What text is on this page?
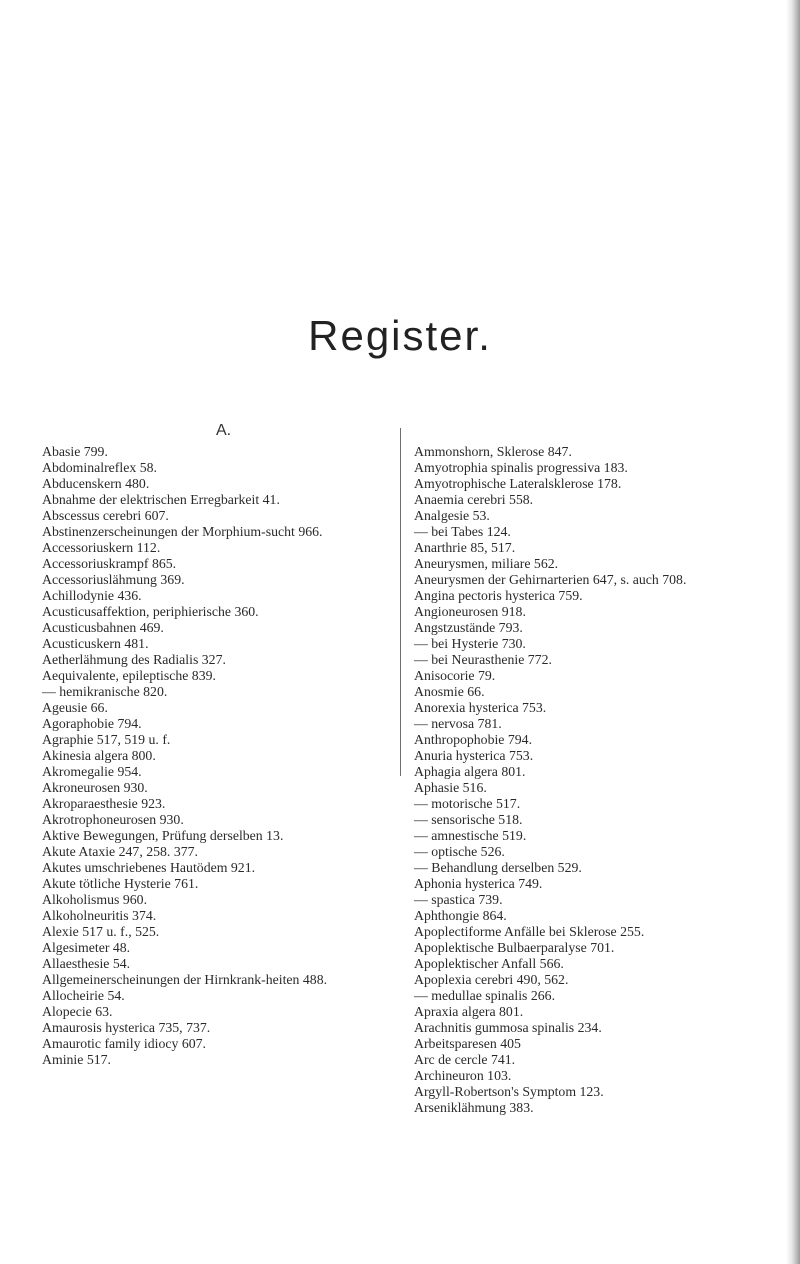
Register.
A.
Abasie 799.
Abdominalreflex 58.
Abducenskern 480.
Abnahme der elektrischen Erregbarkeit 41.
Abscessus cerebri 607.
Abstinenzerscheinungen der Morphium-sucht 966.
Accessoriuskern 112.
Accessoriuskrampf 865.
Accessoriuslähmung 369.
Achillodynie 436.
Acusticusaffektion, periphierische 360.
Acusticusbahnen 469.
Acusticuskern 481.
Aetherlähmung des Radialis 327.
Aequivalente, epileptische 839.
— hemikranische 820.
Ageusie 66.
Agoraphobie 794.
Agraphie 517, 519 u. f.
Akinesia algera 800.
Akromegalie 954.
Akroneurosen 930.
Akroparaesthesie 923.
Akrotrophoneurosen 930.
Aktive Bewegungen, Prüfung derselben 13.
Akute Ataxie 247, 258. 377.
Akutes umschriebenes Hautödem 921.
Akute tötliche Hysterie 761.
Alkoholismus 960.
Alkoholneuritis 374.
Alexie 517 u. f., 525.
Algesimeter 48.
Allaesthesie 54.
Allgemeinerscheinungen der Hirnkrank-heiten 488.
Allocheirie 54.
Alopecie 63.
Amaurosis hysterica 735, 737.
Amaurotic family idiocy 607.
Aminie 517.
Ammonshorn, Sklerose 847.
Amyotrophia spinalis progressiva 183.
Amyotrophische Lateralsklerose 178.
Anaemia cerebri 558.
Analgesie 53.
— bei Tabes 124.
Anarthrie 85, 517.
Aneurysmen, miliare 562.
Aneurysmen der Gehirnarterien 647, s. auch 708.
Angina pectoris hysterica 759.
Angioneurosen 918.
Angstzustände 793.
— bei Hysterie 730.
— bei Neurasthenie 772.
Anisocorie 79.
Anosmie 66.
Anorexia hysterica 753.
— nervosa 781.
Anthropophobie 794.
Anuria hysterica 753.
Aphagia algera 801.
Aphasie 516.
— motorische 517.
— sensorische 518.
— amnestische 519.
— optische 526.
— Behandlung derselben 529.
Aphonia hysterica 749.
— spastica 739.
Aphthongie 864.
Apoplectiforme Anfälle bei Sklerose 255.
Apoplektische Bulbaerparalyse 701.
Apoplektischer Anfall 566.
Apoplexia cerebri 490, 562.
— medullae spinalis 266.
Apraxia algera 801.
Arachnitis gummosa spinalis 234.
Arbeitsparesen 405
Arc de cercle 741.
Archineuron 103.
Argyll-Robertson's Symptom 123.
Arseniklähmung 383.
